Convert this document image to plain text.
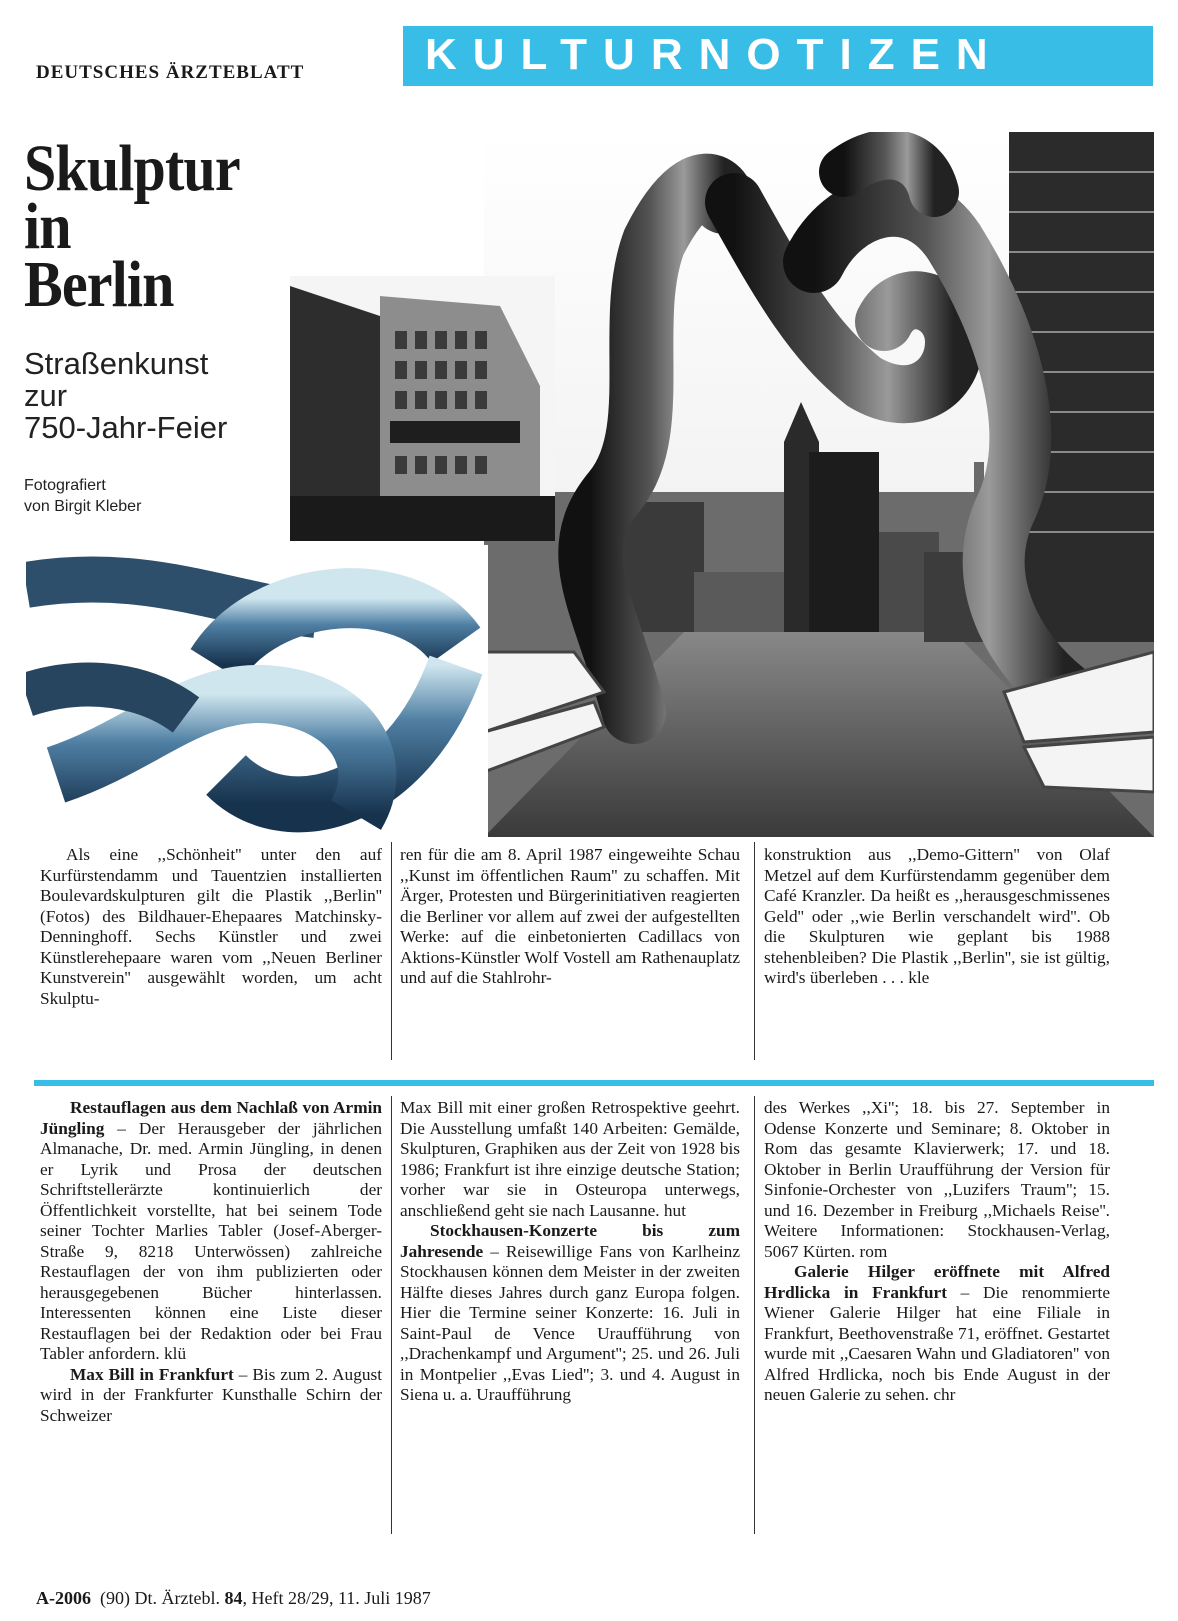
DEUTSCHES ÄRZTEBLATT	KULTURNOTIZEN
Skulptur
in
Berlin
Straßenkunst
zur
750-Jahr-Feier
Fotografiert
von Birgit Kleber

Als eine ,,Schönheit'' unter den auf Kurfürstendamm und Tauentzien installierten Boulevardskulpturen gilt die Plastik ,,Berlin'' (Fotos) des Bildhauer-Ehepaares Matchinsky-Denninghoff. Sechs Künstler und zwei Künstlerehepaare waren vom ,,Neuen Berliner Kunstverein'' ausgewählt worden, um acht Skulptu-

ren für die am 8. April 1987 eingeweihte Schau ,,Kunst im öffentlichen Raum'' zu schaffen. Mit Ärger, Protesten und Bürgerinitiativen reagierten die Berliner vor allem auf zwei der aufgestellten Werke: auf die einbetonierten Cadillacs von Aktions-Künstler Wolf Vostell am Rathenauplatz und auf die Stahlrohr-

konstruktion aus ,,Demo-Gittern'' von Olaf Metzel auf dem Kurfürstendamm gegenüber dem Café Kranzler. Da heißt es ,,herausgeschmissenes Geld'' oder ,,wie Berlin verschandelt wird''. Ob die Skulpturen wie geplant bis 1988 stehenbleiben? Die Plastik ,,Berlin'', sie ist gültig, wird's überleben . . . kle

Restauflagen aus dem Nachlaß von Armin Jüngling – Der Herausgeber der jährlichen Almanache, Dr. med. Armin Jüngling, in denen er Lyrik und Prosa der deutschen Schriftstellerärzte kontinuierlich der Öffentlichkeit vorstellte, hat bei seinem Tode seiner Tochter Marlies Tabler (Josef-Aberger-Straße 9, 8218 Unterwössen) zahlreiche Restauflagen der von ihm publizierten oder herausgegebenen Bücher hinterlassen. Interessenten können eine Liste dieser Restauflagen bei der Redaktion oder bei Frau Tabler anfordern. klü

Max Bill in Frankfurt – Bis zum 2. August wird in der Frankfurter Kunsthalle Schirn der Schweizer

Max Bill mit einer großen Retrospektive geehrt. Die Ausstellung umfaßt 140 Arbeiten: Gemälde, Skulpturen, Graphiken aus der Zeit von 1928 bis 1986; Frankfurt ist ihre einzige deutsche Station; vorher war sie in Osteuropa unterwegs, anschließend geht sie nach Lausanne. hut

Stockhausen-Konzerte bis zum Jahresende – Reisewillige Fans von Karlheinz Stockhausen können dem Meister in der zweiten Hälfte dieses Jahres durch ganz Europa folgen. Hier die Termine seiner Konzerte: 16. Juli in Saint-Paul de Vence Uraufführung von ,,Drachenkampf und Argument''; 25. und 26. Juli in Montpelier ,,Evas Lied''; 3. und 4. August in Siena u. a. Uraufführung

des Werkes ,,Xi''; 18. bis 27. September in Odense Konzerte und Seminare; 8. Oktober in Rom das gesamte Klavierwerk; 17. und 18. Oktober in Berlin Uraufführung der Version für Sinfonie-Orchester von ,,Luzifers Traum''; 15. und 16. Dezember in Freiburg ,,Michaels Reise''. Weitere Informationen: Stockhausen-Verlag, 5067 Kürten. rom

Galerie Hilger eröffnete mit Alfred Hrdlicka in Frankfurt – Die renommierte Wiener Galerie Hilger hat eine Filiale in Frankfurt, Beethovenstraße 71, eröffnet. Gestartet wurde mit ,,Caesaren Wahn und Gladiatoren'' von Alfred Hrdlicka, noch bis Ende August in der neuen Galerie zu sehen. chr

A-2006 (90) Dt. Ärztebl. 84, Heft 28/29, 11. Juli 1987
